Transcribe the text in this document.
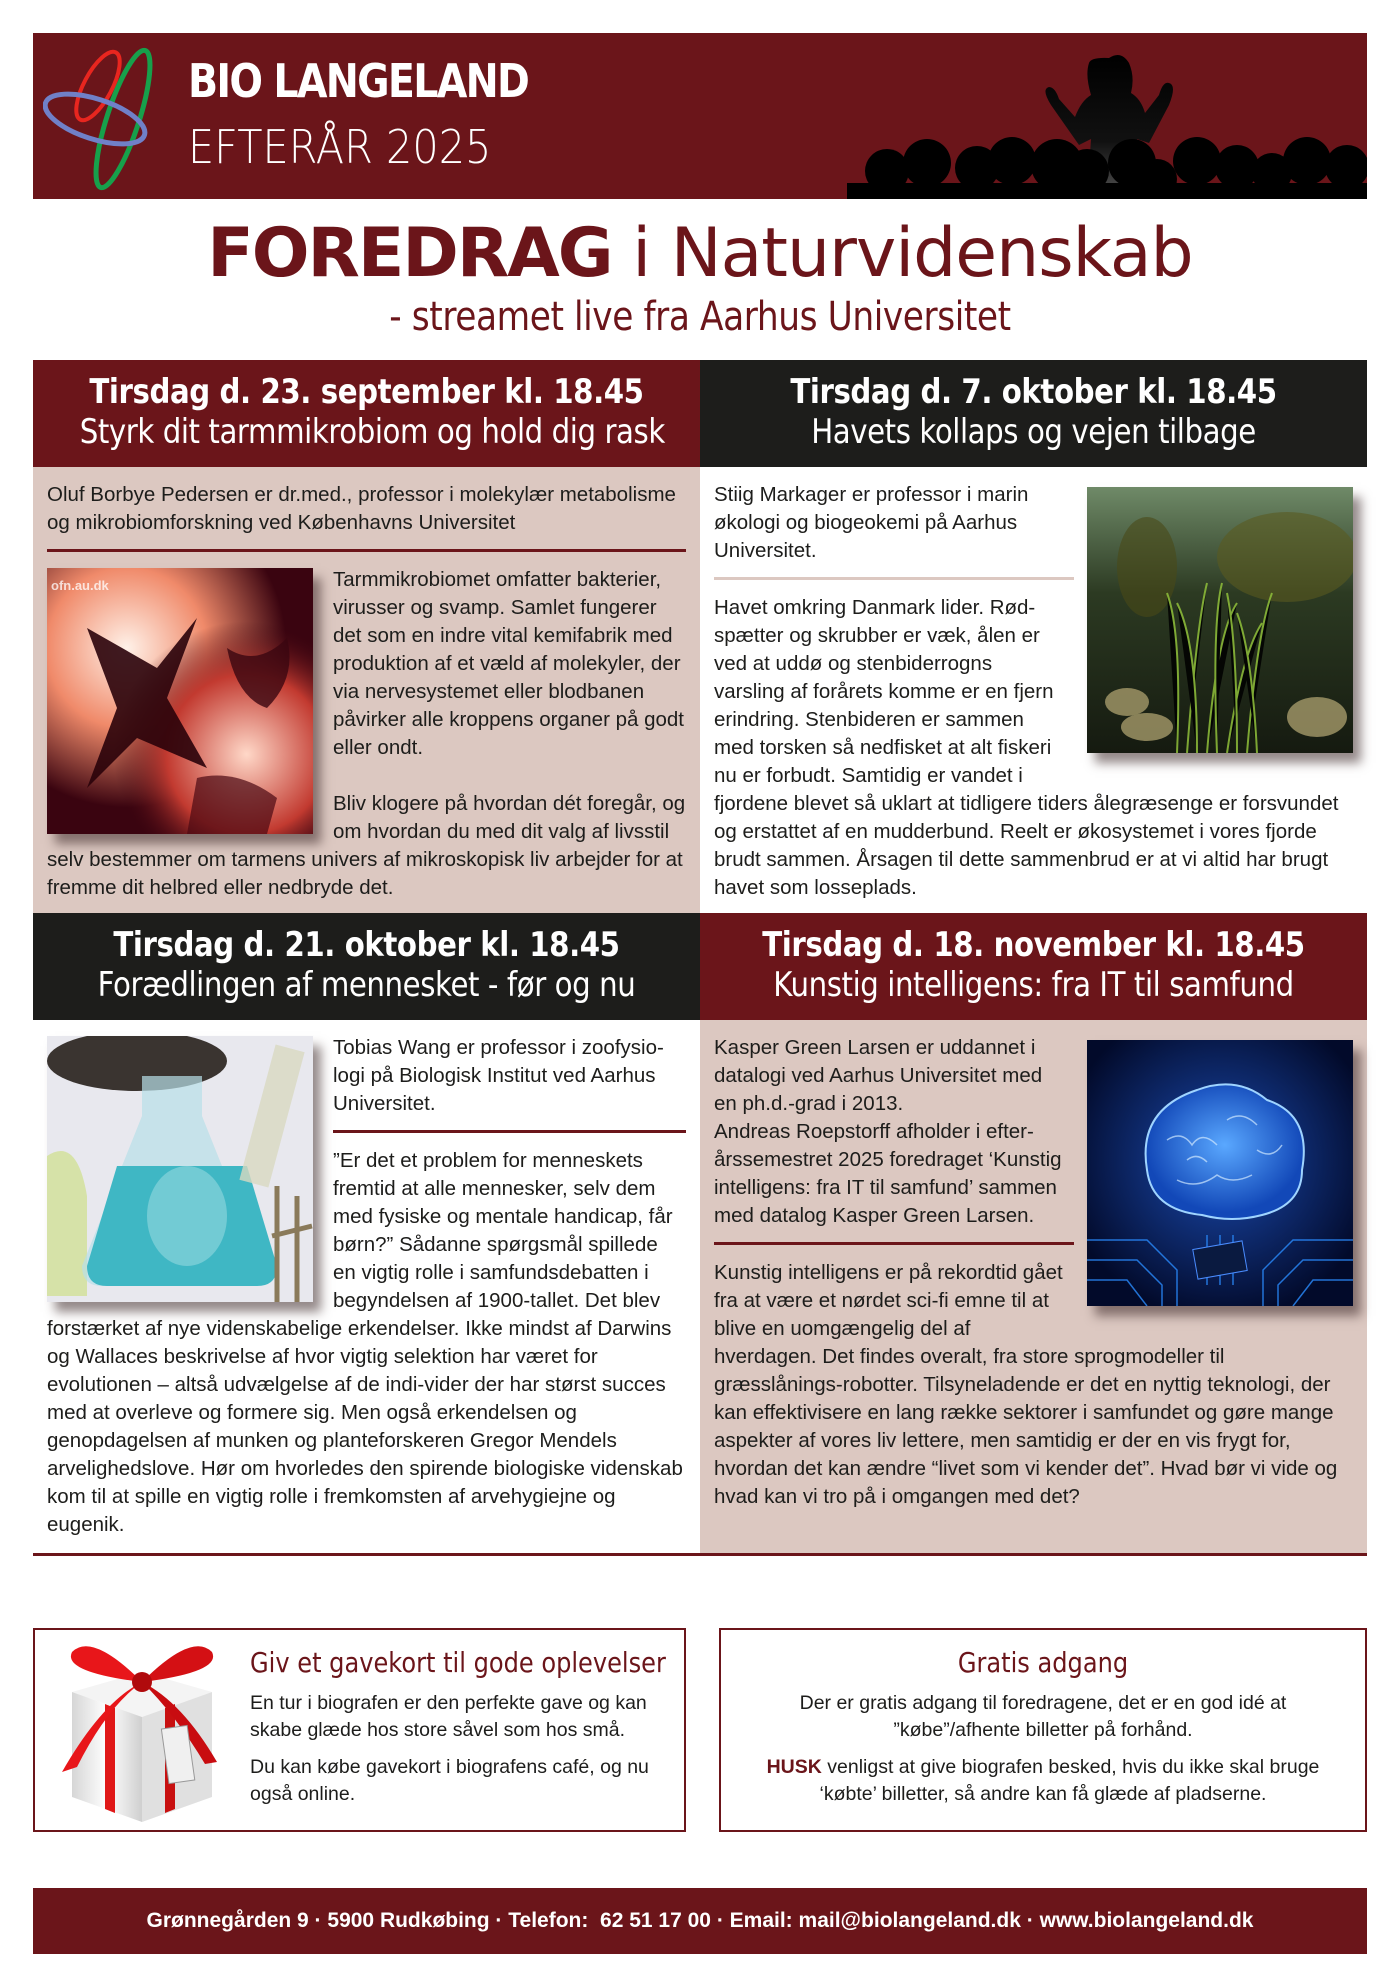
BIO LANGELAND
EFTERÅR 2025
FOREDRAG i Naturvidenskab
- streamet live fra Aarhus Universitet
Tirsdag d. 23. september kl. 18.45
Styrk dit tarmmikrobiom og hold dig rask

Oluf Borbye Pedersen er dr.med., professor i molekylær metabolisme og mikrobiomforskning ved Københavns Universitet

ofn.au.dk	Tarmmikrobiomet omfatter bakterier, virusser og svamp. Samlet fungerer det som en indre vital kemifabrik med produktion af et væld af molekyler, der via nervesystemet eller blodbanen påvirker alle kroppens organer på godt eller ondt.

Bliv klogere på hvordan dét foregår, og om hvordan du med dit valg af livsstil selv bestemmer om tarmens univers af mikroskopisk liv arbejder for at fremme dit helbred eller nedbryde det.

Tirsdag d. 7. oktober kl. 18.45
Havets kollaps og vejen tilbage

Stiig Markager er professor i marin økologi og biogeokemi på Aarhus Universitet.

Havet omkring Danmark lider. Rød-spætter og skrubber er væk, ålen er ved at uddø og stenbiderrogns varsling af forårets komme er en fjern erindring. Stenbideren er sammen med torsken så nedfisket at alt fiskeri nu er forbudt. Samtidig er vandet i fjordene blevet så uklart at tidligere tiders ålegræsenge er forsvundet og erstattet af en mudderbund. Reelt er økosystemet i vores fjorde brudt sammen. Årsagen til dette sammenbrud er at vi altid har brugt havet som losseplads.

Tirsdag d. 21. oktober kl. 18.45
Forædlingen af mennesket - før og nu

Tobias Wang er professor i zoofysio-logi på Biologisk Institut ved Aarhus Universitet.

”Er det et problem for menneskets fremtid at alle mennesker, selv dem med fysiske og mentale handicap, får børn?” Sådanne spørgsmål spillede en vigtig rolle i samfundsdebatten i begyndelsen af 1900-tallet. Det blev forstærket af nye videnskabelige erkendelser. Ikke mindst af Darwins og Wallaces beskrivelse af hvor vigtig selektion har været for evolutionen – altså udvælgelse af de indi-vider der har størst succes med at overleve og formere sig. Men også erkendelsen og genopdagelsen af munken og planteforskeren Gregor Mendels arvelighedslove. Hør om hvorledes den spirende biologiske videnskab kom til at spille en vigtig rolle i fremkomsten af arvehygiejne og eugenik.

Tirsdag d. 18. november kl. 18.45
Kunstig intelligens: fra IT til samfund

Kasper Green Larsen er uddannet i datalogi ved Aarhus Universitet med en ph.d.-grad i 2013.

Andreas Roepstorff afholder i efter-årssemestret 2025 foredraget ‘Kunstig intelligens: fra IT til samfund’ sammen med datalog Kasper Green Larsen.

Kunstig intelligens er på rekordtid gået fra at være et nørdet sci-fi emne til at blive en uomgængelig del af hverdagen. Det findes overalt, fra store sprogmodeller til græsslånings-robotter. Tilsyneladende er det en nyttig teknologi, der kan effektivisere en lang række sektorer i samfundet og gøre mange aspekter af vores liv lettere, men samtidig er der en vis frygt for, hvordan det kan ændre “livet som vi kender det”. Hvad bør vi vide og hvad kan vi tro på i omgangen med det?

Giv et gavekort til gode oplevelser

En tur i biografen er den perfekte gave og kan skabe glæde hos store såvel som hos små.

Du kan købe gavekort i biografens café, og nu også online.

Gratis adgang

Der er gratis adgang til foredragene, det er en god idé at ”købe”/afhente billetter på forhånd.

HUSK venligst at give biografen besked, hvis du ikke skal bruge ‘købte’ billetter, så andre kan få glæde af pladserne.

Grønnegården 9 · 5900 Rudkøbing · Telefon: 62 51 17 00 · Email: mail@biolangeland.dk · www.biolangeland.dk
